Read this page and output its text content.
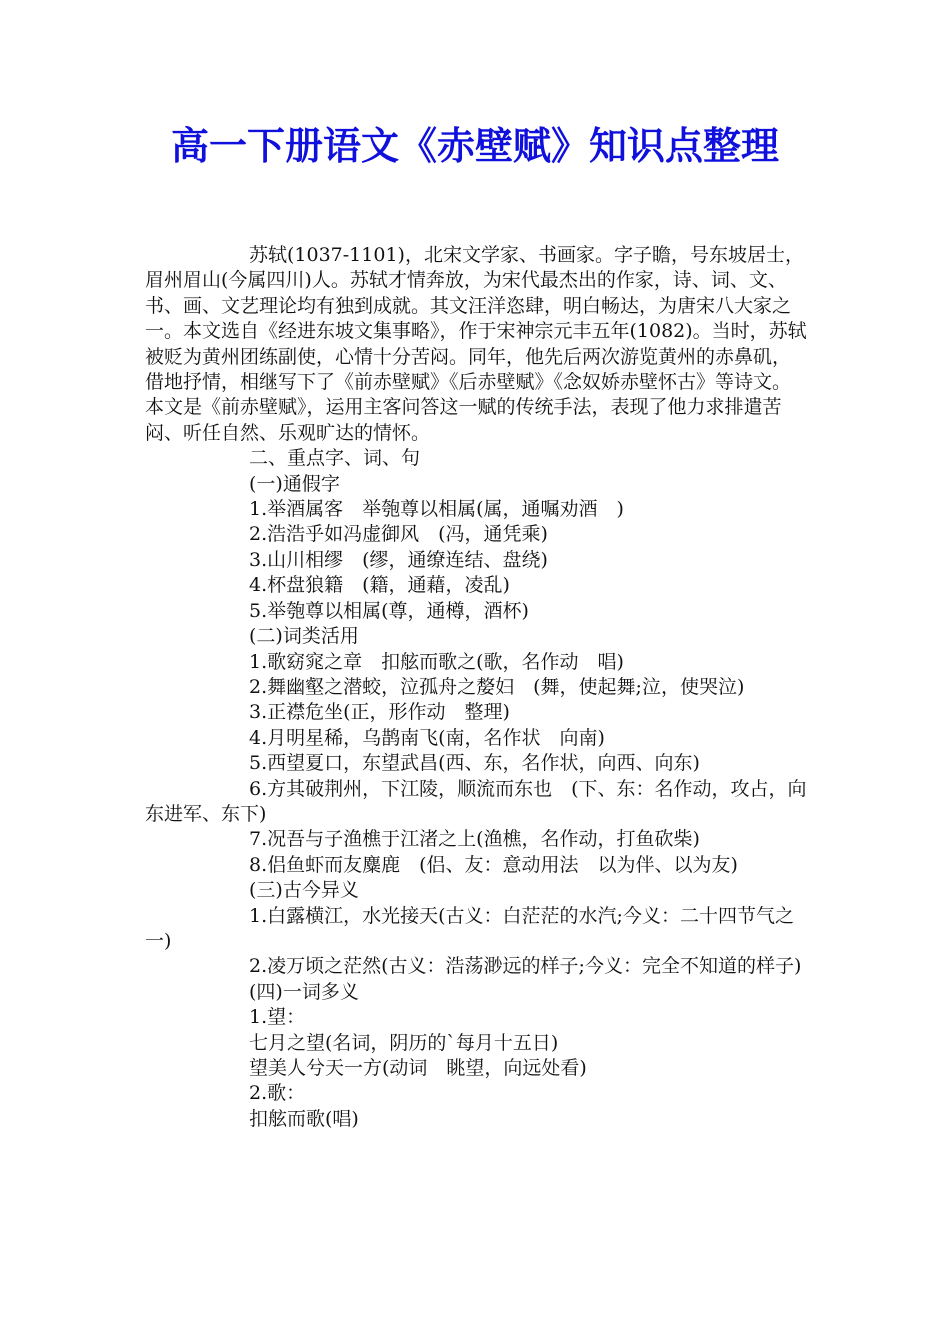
高一下册语文《赤壁赋》知识点整理

苏轼(1037-1101)，北宋文学家、书画家。字子瞻，号东坡居士，眉州眉山(今属四川)人。苏轼才情奔放，为宋代最杰出的作家，诗、词、文、书、画、文艺理论均有独到成就。其文汪洋恣肆，明白畅达，为唐宋八大家之一。本文选自《经进东坡文集事略》，作于宋神宗元丰五年(1082)。当时，苏轼被贬为黄州团练副使，心情十分苦闷。同年，他先后两次游览黄州的赤鼻矶，借地抒情，相继写下了《前赤壁赋》《后赤壁赋》《念奴娇赤壁怀古》等诗文。本文是《前赤壁赋》，运用主客问答这一赋的传统手法，表现了他力求排遣苦闷、听任自然、乐观旷达的情怀。

二、重点字、词、句

(一)通假字

1.举酒属客　举匏尊以相属(属，通嘱劝酒　)

2.浩浩乎如冯虚御风　(冯，通凭乘)

3.山川相缪　(缪，通缭连结、盘绕)

4.杯盘狼籍　(籍，通藉，凌乱)

5.举匏尊以相属(尊，通樽，酒杯)

(二)词类活用

1.歌窈窕之章　扣舷而歌之(歌，名作动　唱)

2.舞幽壑之潜蛟，泣孤舟之嫠妇　(舞，使起舞;泣，使哭泣)

3.正襟危坐(正，形作动　整理)

4.月明星稀，乌鹊南飞(南，名作状　向南)

5.西望夏口，东望武昌(西、东，名作状，向西、向东)

6.方其破荆州，下江陵，顺流而东也　(下、东：名作动，攻占，向东进军、东下)

7.况吾与子渔樵于江渚之上(渔樵，名作动，打鱼砍柴)

8.侣鱼虾而友麋鹿　(侣、友：意动用法　以为伴、以为友)

(三)古今异义

1.白露横江，水光接天(古义：白茫茫的水汽;今义：二十四节气之一)

2.凌万顷之茫然(古义：浩荡渺远的样子;今义：完全不知道的样子)

(四)一词多义

1.望：

七月之望(名词，阴历的`每月十五日)

望美人兮天一方(动词　眺望，向远处看)

2.歌：

扣舷而歌(唱)
